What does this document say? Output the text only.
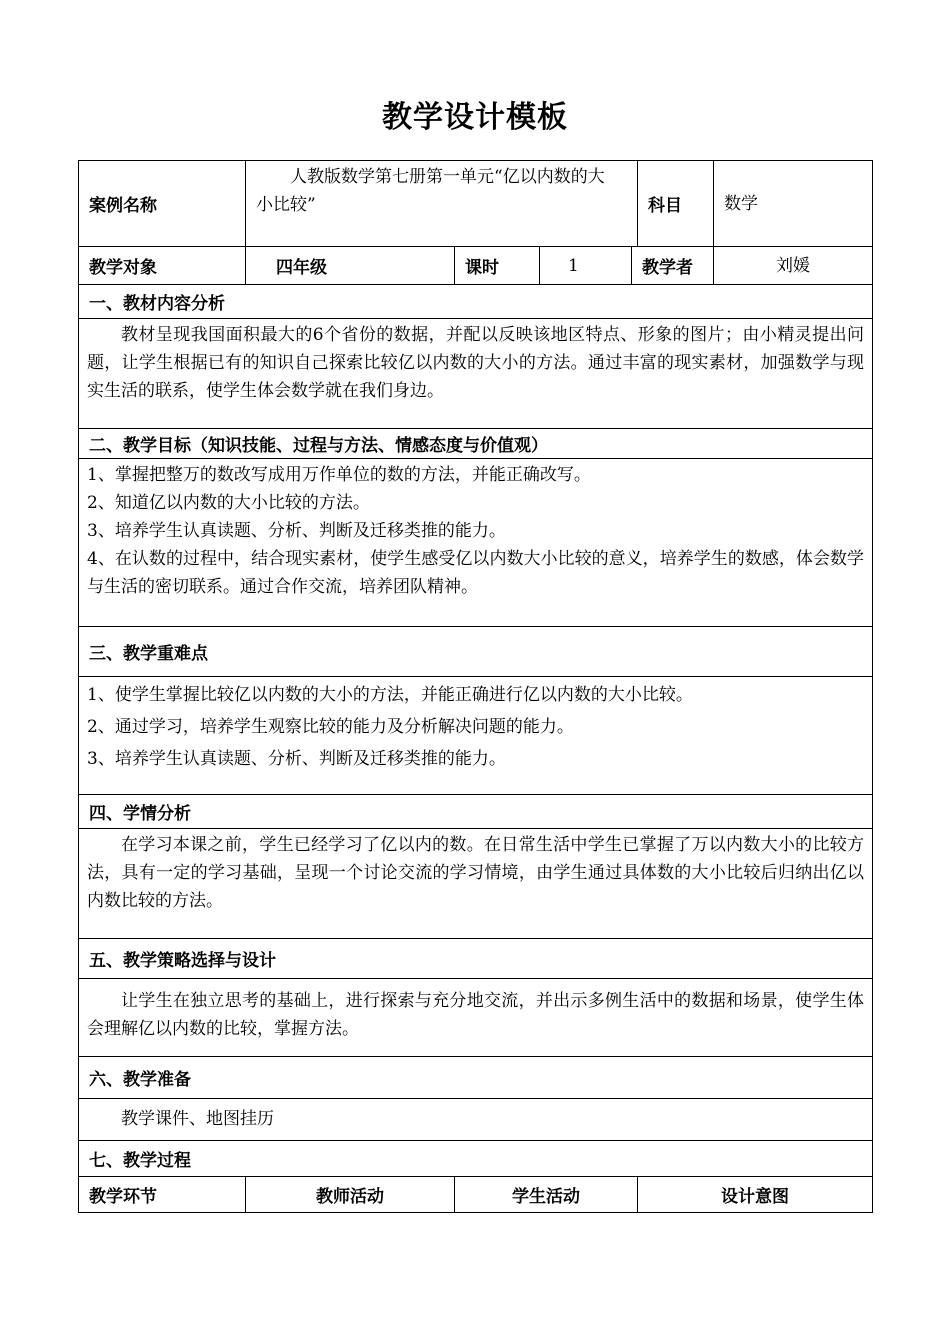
教学设计模板
案例名称	人教版数学第七册第一单元“亿以内数的大小比较”				科目	数学
教学对象	四年级	课时	1	教学者		刘媛
一、教材内容分析						

教材呈现我国面积最大的6个省份的数据，并配以反映该地区特点、形象的图片；由小精灵提出问题，让学生根据已有的知识自己探索比较亿以内数的大小的方法。通过丰富的现实素材，加强数学与现实生活的联系，使学生体会数学就在我们身边。						

二、教学目标（知识技能、过程与方法、情感态度与价值观）						

1、掌握把整万的数改写成用万作单位的数的方法，并能正确改写。
2、知道亿以内数的大小比较的方法。
3、培养学生认真读题、分析、判断及迁移类推的能力。
4、在认数的过程中，结合现实素材，使学生感受亿以内数大小比较的意义，培养学生的数感，体会数学与生活的密切联系。通过合作交流，培养团队精神。						

三、教学重难点						

1、使学生掌握比较亿以内数的大小的方法，并能正确进行亿以内数的大小比较。
2、通过学习，培养学生观察比较的能力及分析解决问题的能力。
3、培养学生认真读题、分析、判断及迁移类推的能力。						

四、学情分析						

在学习本课之前，学生已经学习了亿以内的数。在日常生活中学生已掌握了万以内数大小的比较方法，具有一定的学习基础，呈现一个讨论交流的学习情境，由学生通过具体数的大小比较后归纳出亿以内数比较的方法。						

五、教学策略选择与设计						

让学生在独立思考的基础上，进行探索与充分地交流，并出示多例生活中的数据和场景，使学生体会理解亿以内数的比较，掌握方法。						

六、教学准备						

教学课件、地图挂历						

七、教学过程						
教学环节	教师活动	学生活动			设计意图	
